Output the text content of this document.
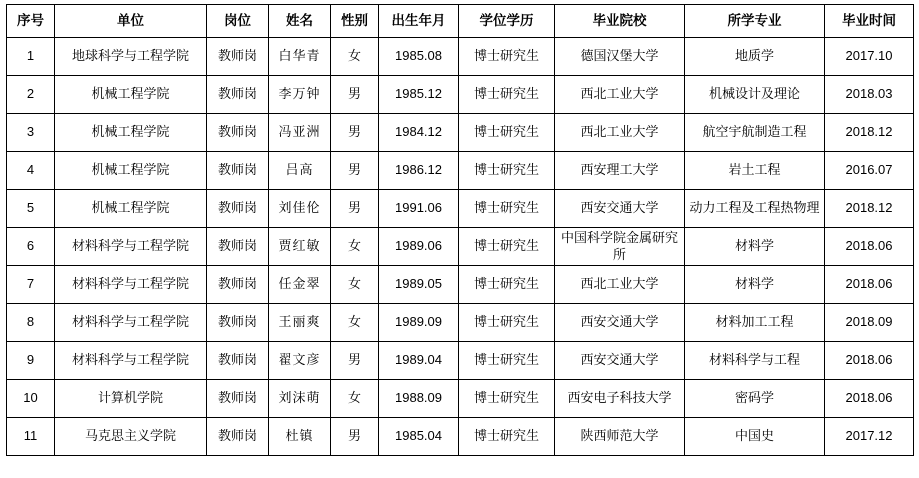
序号	单位	岗位	姓名	性别	出生年月	学位学历	毕业院校	所学专业	毕业时间
1	地球科学与工程学院	教师岗	白华青	女	1985.08	博士研究生	德国汉堡大学	地质学	2017.10
2	机械工程学院	教师岗	李万钟	男	1985.12	博士研究生	西北工业大学	机械设计及理论	2018.03
3	机械工程学院	教师岗	冯亚洲	男	1984.12	博士研究生	西北工业大学	航空宇航制造工程	2018.12
4	机械工程学院	教师岗	吕高	男	1986.12	博士研究生	西安理工大学	岩土工程	2016.07
5	机械工程学院	教师岗	刘佳伦	男	1991.06	博士研究生	西安交通大学	动力工程及工程热物理	2018.12
6	材料科学与工程学院	教师岗	贾红敏	女	1989.06	博士研究生	中国科学院金属研究所	材料学	2018.06
7	材料科学与工程学院	教师岗	任金翠	女	1989.05	博士研究生	西北工业大学	材料学	2018.06
8	材料科学与工程学院	教师岗	王丽爽	女	1989.09	博士研究生	西安交通大学	材料加工工程	2018.09
9	材料科学与工程学院	教师岗	翟文彦	男	1989.04	博士研究生	西安交通大学	材料科学与工程	2018.06
10	计算机学院	教师岗	刘沫萌	女	1988.09	博士研究生	西安电子科技大学	密码学	2018.06
11	马克思主义学院	教师岗	杜镇	男	1985.04	博士研究生	陕西师范大学	中国史	2017.12
